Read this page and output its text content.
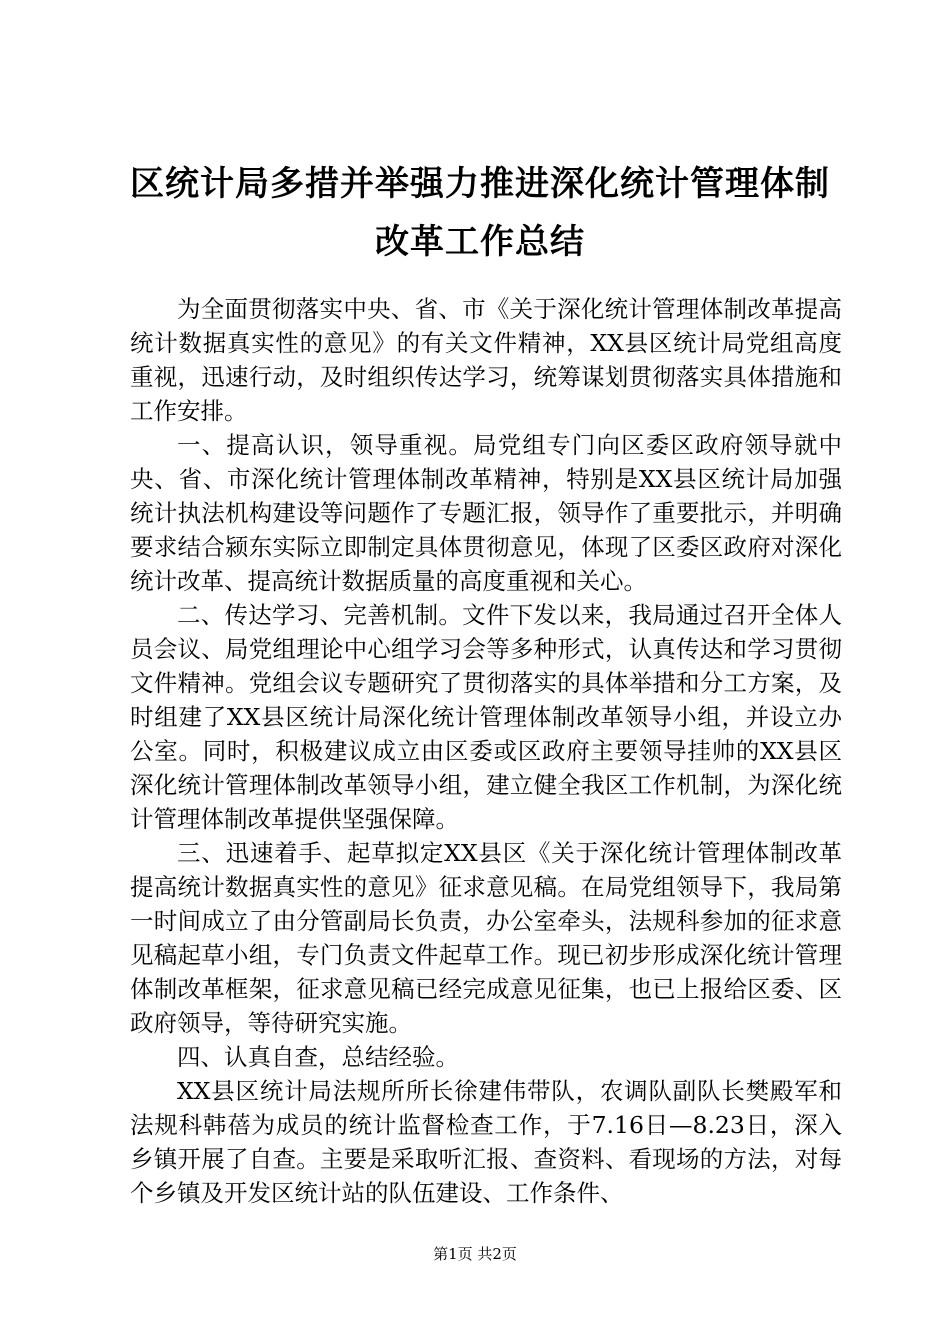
区统计局多措并举强力推进深化统计管理体制
改革工作总结

为全面贯彻落实中央、省、市《关于深化统计管理体制改革提高统计数据真实性的意见》的有关文件精神，XX县区统计局党组高度重视，迅速行动，及时组织传达学习，统筹谋划贯彻落实具体措施和工作安排。

一、提高认识，领导重视。局党组专门向区委区政府领导就中央、省、市深化统计管理体制改革精神，特别是XX县区统计局加强统计执法机构建设等问题作了专题汇报，领导作了重要批示，并明确要求结合颍东实际立即制定具体贯彻意见，体现了区委区政府对深化统计改革、提高统计数据质量的高度重视和关心。

二、传达学习、完善机制。文件下发以来，我局通过召开全体人员会议、局党组理论中心组学习会等多种形式，认真传达和学习贯彻文件精神。党组会议专题研究了贯彻落实的具体举措和分工方案，及时组建了XX县区统计局深化统计管理体制改革领导小组，并设立办公室。同时，积极建议成立由区委或区政府主要领导挂帅的XX县区深化统计管理体制改革领导小组，建立健全我区工作机制，为深化统计管理体制改革提供坚强保障。

三、迅速着手、起草拟定XX县区《关于深化统计管理体制改革提高统计数据真实性的意见》征求意见稿。在局党组领导下，我局第一时间成立了由分管副局长负责，办公室牵头，法规科参加的征求意见稿起草小组，专门负责文件起草工作。现已初步形成深化统计管理体制改革框架，征求意见稿已经完成意见征集，也已上报给区委、区政府领导，等待研究实施。

四、认真自查，总结经验。

XX县区统计局法规所所长徐建伟带队，农调队副队长樊殿军和法规科韩蓓为成员的统计监督检查工作，于7.16日—8.23日，深入乡镇开展了自查。主要是采取听汇报、查资料、看现场的方法，对每个乡镇及开发区统计站的队伍建设、工作条件、

第1页 共2页
